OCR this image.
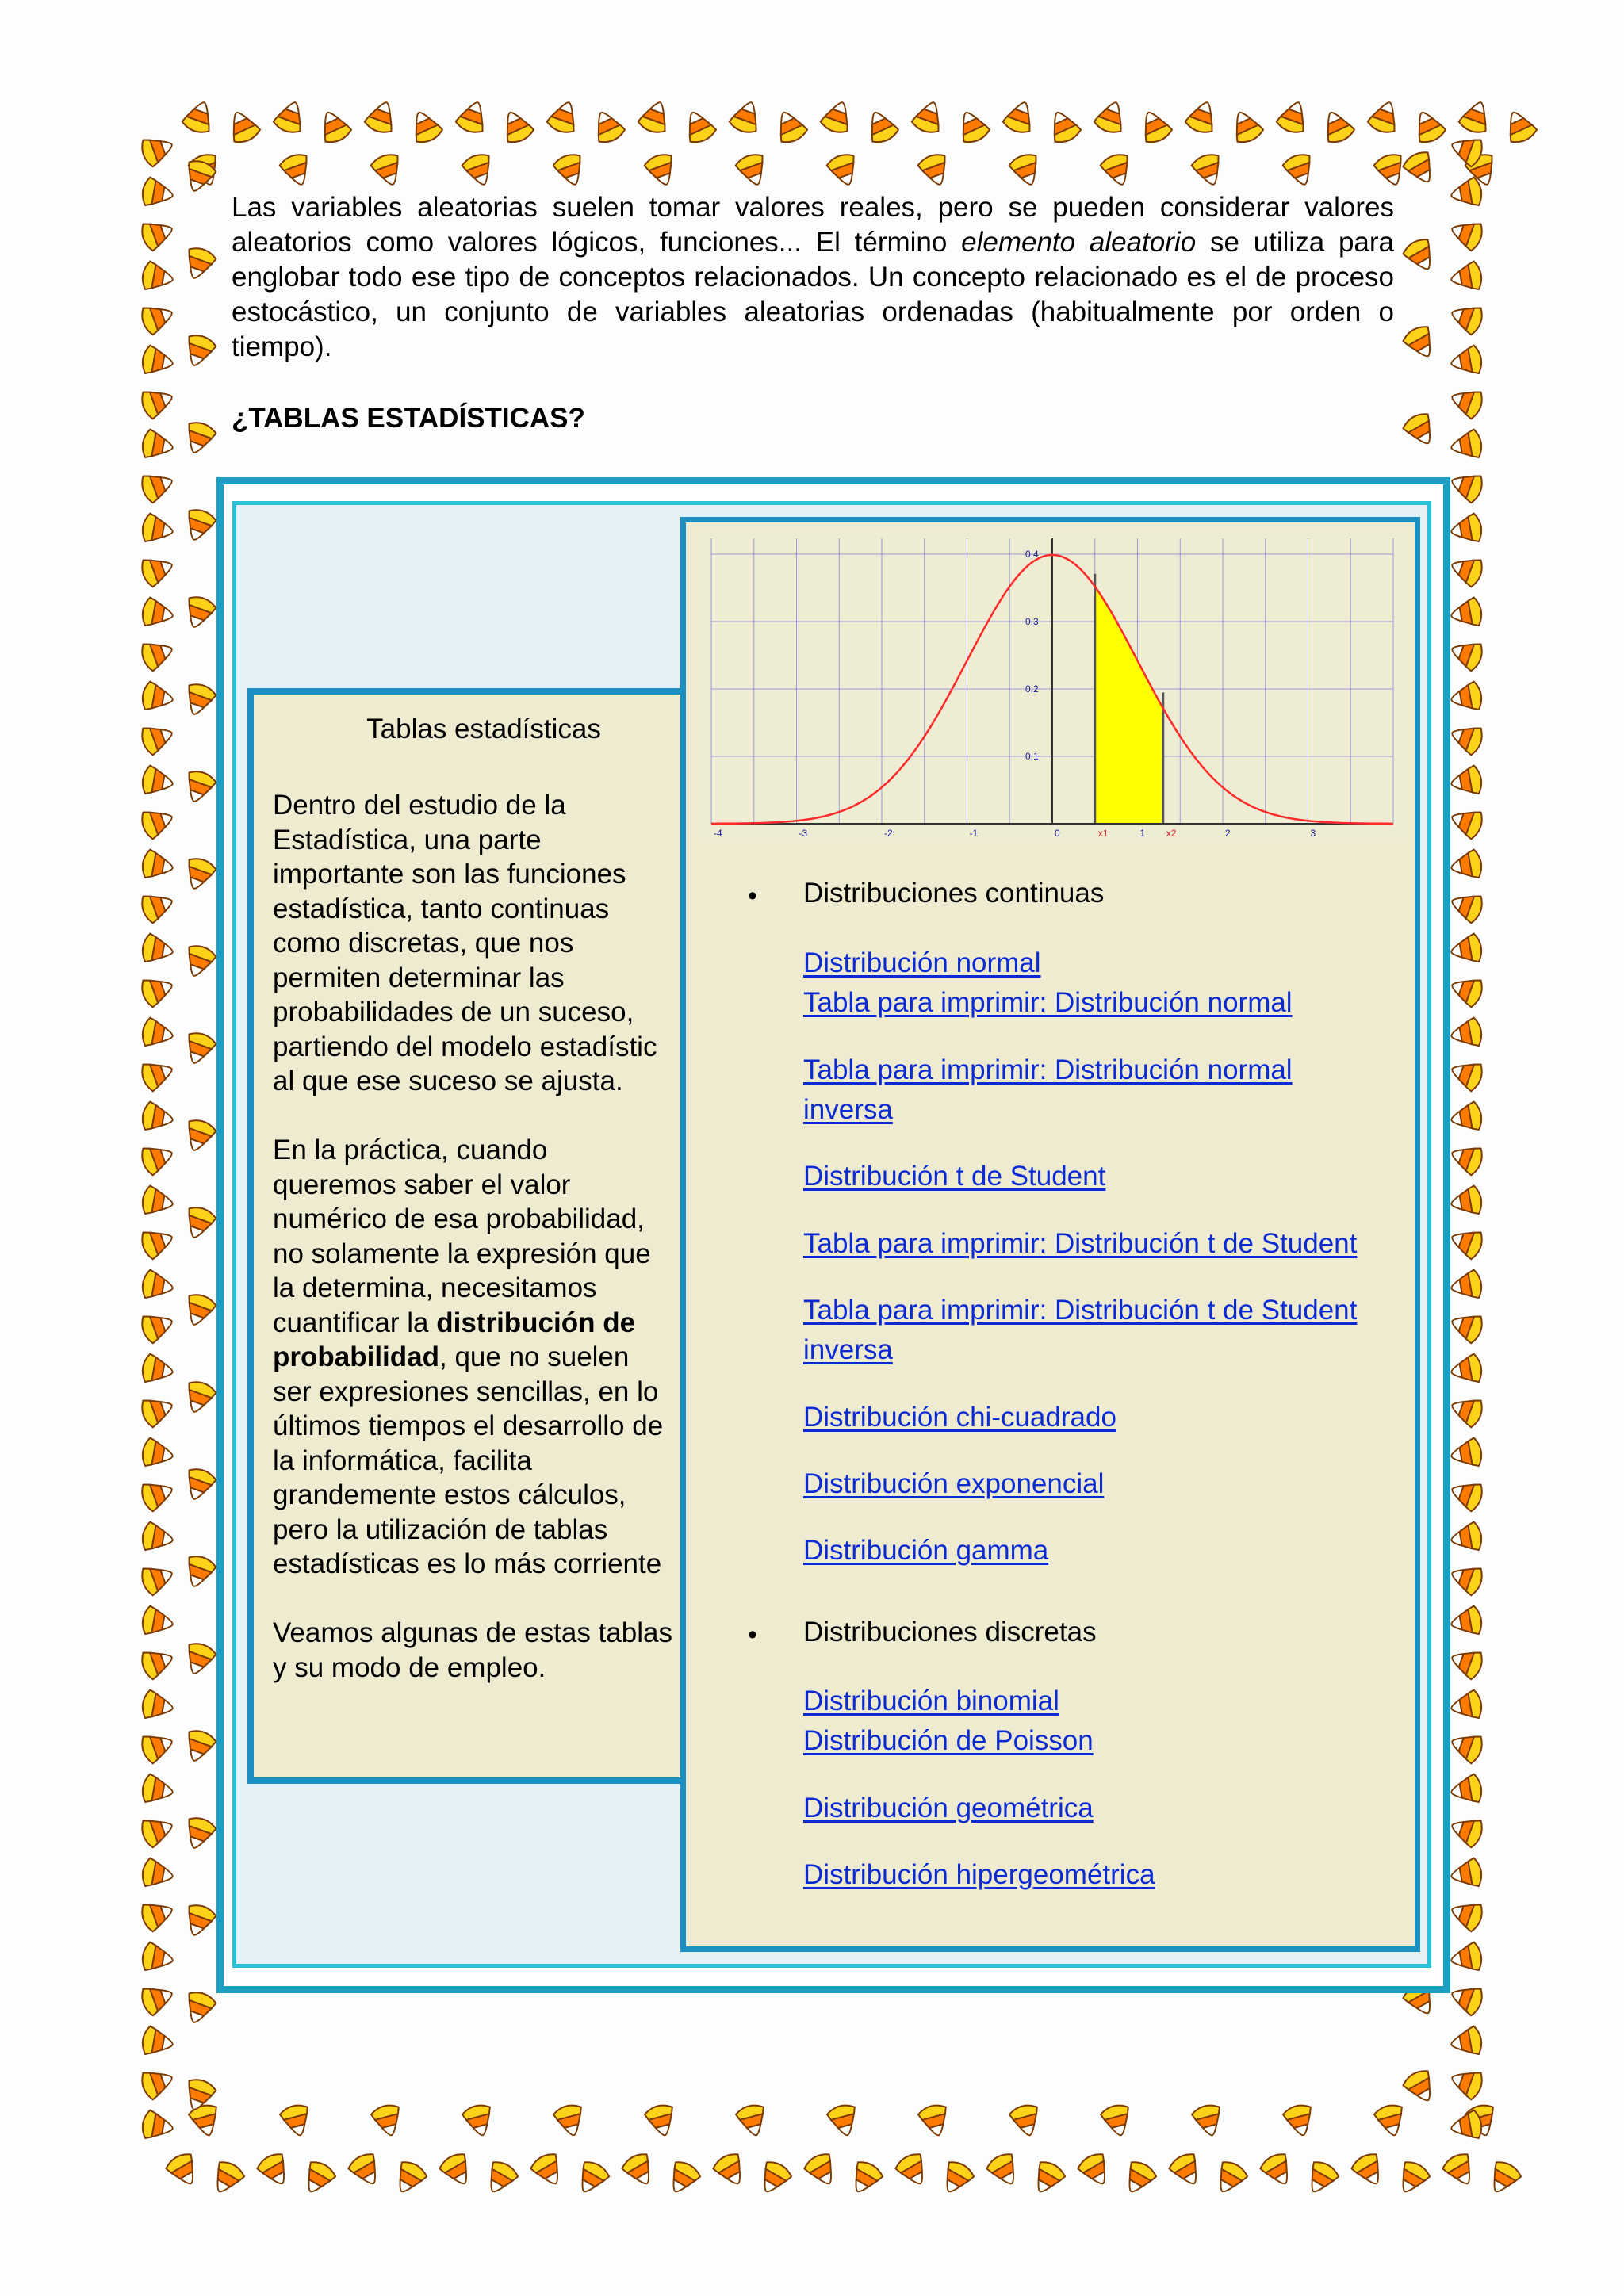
Las variables aleatorias suelen tomar valores reales, pero se pueden considerar valores aleatorios como valores lógicos, funciones... El término elemento aleatorio se utiliza para englobar todo ese tipo de conceptos relacionados. Un concepto relacionado es el de proceso estocástico, un conjunto de variables aleatorias ordenadas (habitualmente por orden o tiempo).
¿TABLAS ESTADÍSTICAS?
Tablas estadísticas
Dentro del estudio de la
Estadística, una parte
importante son las funciones
estadística, tanto continuas
como discretas, que nos
permiten determinar las
probabilidades de un suceso,
partiendo del modelo estadístic
al que ese suceso se ajusta.

En la práctica, cuando
queremos saber el valor
numérico de esa probabilidad,
no solamente la expresión que
la determina, necesitamos
cuantificar la distribución de
probabilidad, que no suelen
ser expresiones sencillas, en lo
últimos tiempos el desarrollo de
la informática, facilita
grandemente estos cálculos,
pero la utilización de tablas
estadísticas es lo más corriente

Veamos algunas de estas tablas
y su modo de empleo.
-4	-3	-2	-1	0	1	2	3
0,1
0,2
0,3
0,4
x1	x2
• Distribuciones continuas
Distribución normal
Tabla para imprimir: Distribución normal
Tabla para imprimir: Distribución normal
inversa
Distribución t de Student
Tabla para imprimir: Distribución t de Student
Tabla para imprimir: Distribución t de Student
inversa
Distribución chi-cuadrado
Distribución exponencial
Distribución gamma
• Distribuciones discretas
Distribución binomial
Distribución de Poisson
Distribución geométrica
Distribución hipergeométrica
